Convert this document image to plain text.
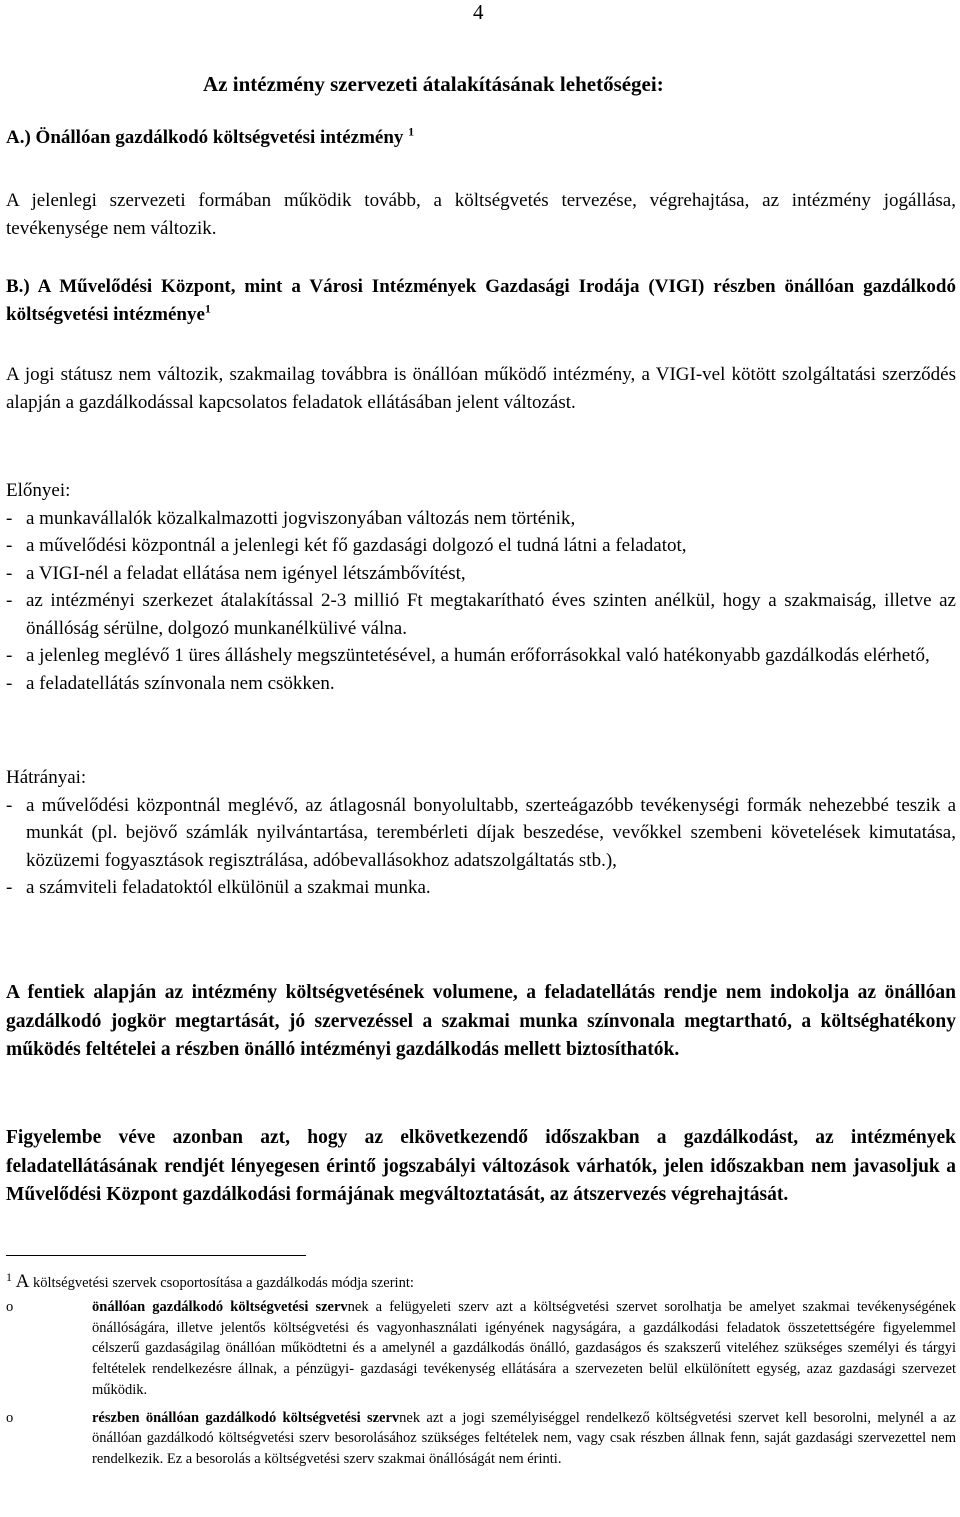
4
Az intézmény szervezeti átalakításának lehetőségei:
A.) Önállóan gazdálkodó költségvetési intézmény $^1$

A jelenlegi szervezeti formában működik tovább, a költségvetés tervezése, végrehajtása, az intézmény jogállása, tevékenysége nem változik.

B.) A Művelődési Központ, mint a Városi Intézmények Gazdasági Irodája (VIGI) részben önállóan gazdálkodó költségvetési intézménye$^1$

A jogi státusz nem változik, szakmailag továbbra is önállóan működő intézmény, a VIGI-vel kötött szolgáltatási szerződés alapján a gazdálkodással kapcsolatos feladatok ellátásában jelent változást.

Előnyei:
- a munkavállalók közalkalmazotti jogviszonyában változás nem történik,
- a művelődési központnál a jelenlegi két fő gazdasági dolgozó el tudná látni a feladatot,
- a VIGI-nél a feladat ellátása nem igényel létszámbővítést,
- az intézményi szerkezet átalakítással 2-3 millió Ft megtakarítható éves szinten anélkül, hogy a szakmaiság, illetve az önállóság sérülne, dolgozó munkanélkülivé válna.
- a jelenleg meglévő 1 üres álláshely megszüntetésével, a humán erőforrásokkal való hatékonyabb gazdálkodás elérhető,
- a feladatellátás színvonala nem csökken.
Hátrányai:
- a művelődési központnál meglévő, az átlagosnál bonyolultabb, szerteágazóbb tevékenységi formák nehezebbé teszik a munkát (pl. bejövő számlák nyilvántartása, terembérleti díjak beszedése, vevőkkel szembeni követelések kimutatása, közüzemi fogyasztások regisztrálása, adóbevallásokhoz adatszolgáltatás stb.),
- a számviteli feladatoktól elkülönül a szakmai munka.

A fentiek alapján az intézmény költségvetésének volumene, a feladatellátás rendje nem indokolja az önállóan gazdálkodó jogkör megtartását, jó szervezéssel a szakmai munka színvonala megtartható, a költséghatékony működés feltételei a részben önálló intézményi gazdálkodás mellett biztosíthatók.

Figyelembe véve azonban azt, hogy az elkövetkezendő időszakban a gazdálkodást, az intézmények feladatellátásának rendjét lényegesen érintő jogszabályi változások várhatók, jelen időszakban nem javasoljuk a Művelődési Központ gazdálkodási formájának megváltoztatását, az átszervezés végrehajtását.

$^1$ A költségvetési szervek csoportosítása a gazdálkodás módja szerint:
o	önállóan gazdálkodó költségvetési szervnek a felügyeleti szerv azt a költségvetési szervet sorolhatja be amelyet szakmai tevékenységének önállóságára, illetve jelentős költségvetési és vagyonhasználati igényének nagyságára, a gazdálkodási feladatok összetettségére figyelemmel célszerű gazdaságilag önállóan működtetni és a amelynél a gazdálkodás önálló, gazdaságos és szakszerű viteléhez szükséges személyi és tárgyi feltételek rendelkezésre állnak, a pénzügyi- gazdasági tevékenység ellátására a szervezeten belül elkülönített egység, azaz gazdasági szervezet működik.
o	részben önállóan gazdálkodó költségvetési szervnek azt a jogi személyiséggel rendelkező költségvetési szervet kell besorolni, melynél a az önállóan gazdálkodó költségvetési szerv besorolásához szükséges feltételek nem, vagy csak részben állnak fenn, saját gazdasági szervezettel nem rendelkezik. Ez a besorolás a költségvetési szerv szakmai önállóságát nem érinti.
